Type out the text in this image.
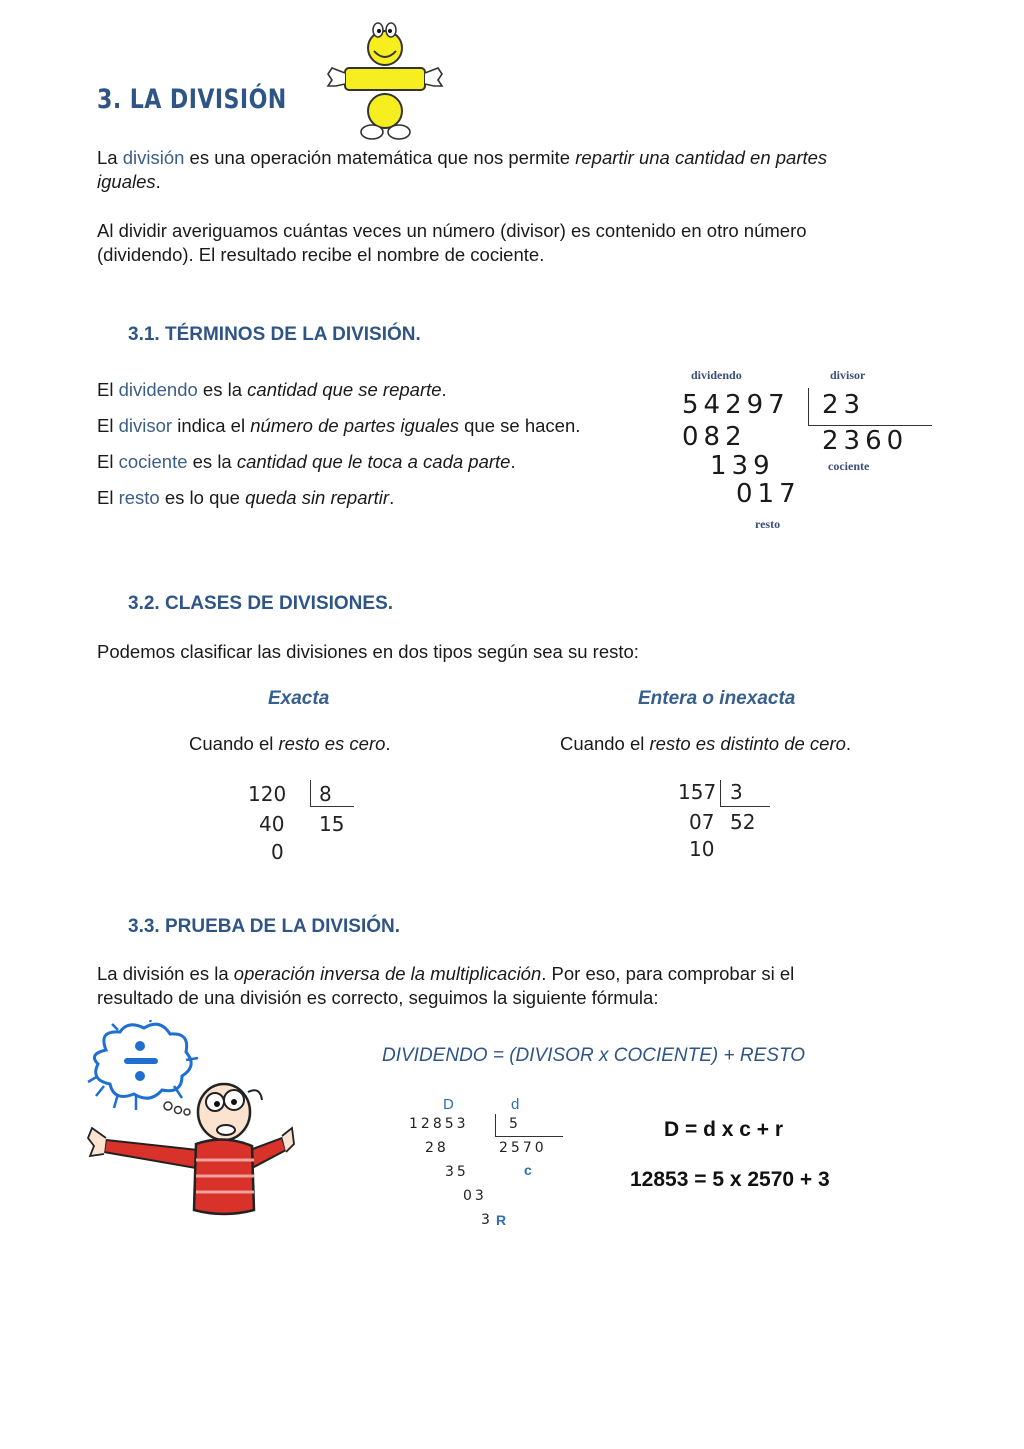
3. LA DIVISIÓN
La división es una operación matemática que nos permite repartir una cantidad en partes
iguales.
Al dividir averiguamos cuántas veces un número (divisor) es contenido en otro número
(dividendo). El resultado recibe el nombre de cociente.
3.1. TÉRMINOS DE LA DIVISIÓN.
El dividendo es la cantidad que se reparte.
El divisor indica el número de partes iguales que se hacen.
El cociente es la cantidad que le toca a cada parte.
El resto es lo que queda sin repartir.
dividendo	divisor
54297 23
082	2360
cociente
139
017
resto
3.2. CLASES DE DIVISIONES.
Podemos clasificar las divisiones en dos tipos según sea su resto:
Exacta	Entera o inexacta
Cuando el resto es cero.	Cuando el resto es distinto de cero.
120 8
40 15
0
157 3
07 52
10
3.3. PRUEBA DE LA DIVISIÓN.
La división es la operación inversa de la multiplicación. Por eso, para comprobar si el
resultado de una división es correcto, seguimos la siguiente fórmula:
DIVIDENDO = (DIVISOR x COCIENTE) + RESTO
D	d
12853	5
28	2570
35	c
03
3 R
D = d x c + r
12853 = 5 x 2570 + 3
